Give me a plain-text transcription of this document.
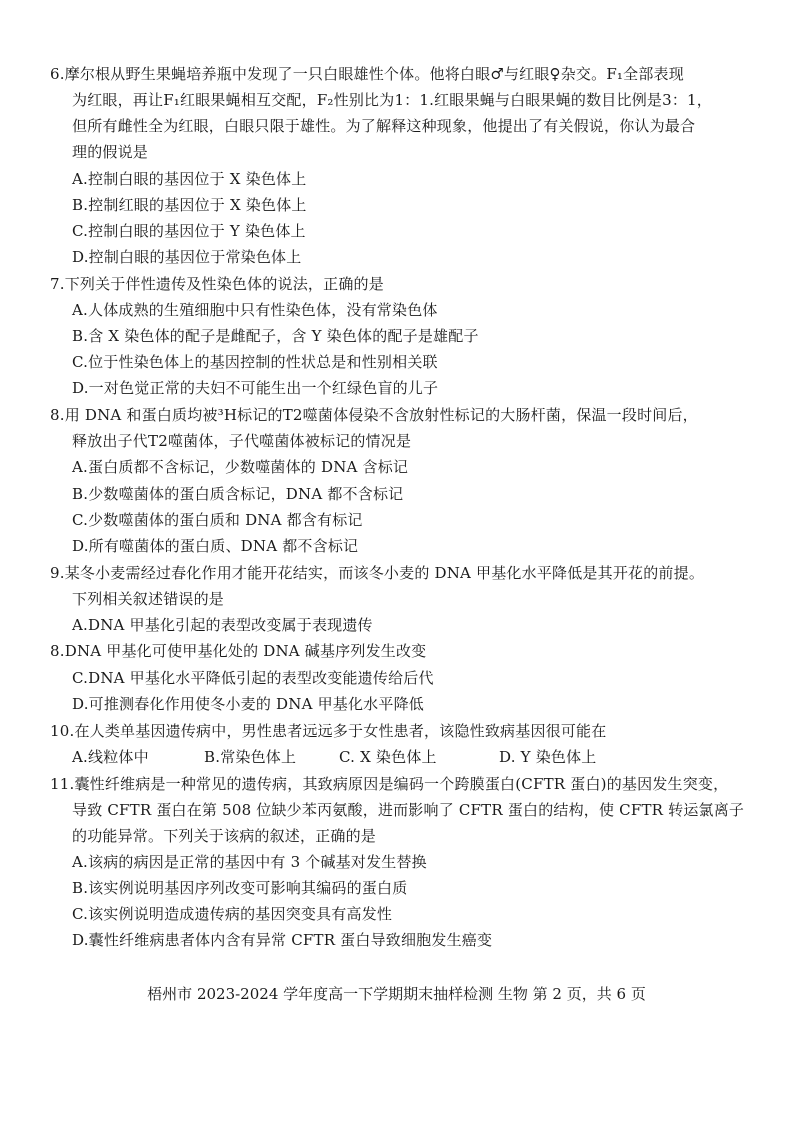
6.摩尔根从野生果蝇培养瓶中发现了一只白眼雄性个体。他将白眼♂与红眼♀杂交。F₁全部表现
为红眼，再让F₁红眼果蝇相互交配，F₂性别比为1：1.红眼果蝇与白眼果蝇的数目比例是3：1，
但所有雌性全为红眼，白眼只限于雄性。为了解释这种现象，他提出了有关假说，你认为最合
理的假说是
A.控制白眼的基因位于 X 染色体上
B.控制红眼的基因位于 X 染色体上
C.控制白眼的基因位于 Y 染色体上
D.控制白眼的基因位于常染色体上
7.下列关于伴性遗传及性染色体的说法，正确的是
A.人体成熟的生殖细胞中只有性染色体，没有常染色体
B.含 X 染色体的配子是雌配子，含 Y 染色体的配子是雄配子
C.位于性染色体上的基因控制的性状总是和性别相关联
D.一对色觉正常的夫妇不可能生出一个红绿色盲的儿子
8.用 DNA 和蛋白质均被³H标记的T2噬菌体侵染不含放射性标记的大肠杆菌，保温一段时间后，
释放出子代T2噬菌体，子代噬菌体被标记的情况是
A.蛋白质都不含标记，少数噬菌体的 DNA 含标记
B.少数噬菌体的蛋白质含标记，DNA 都不含标记
C.少数噬菌体的蛋白质和 DNA 都含有标记
D.所有噬菌体的蛋白质、DNA 都不含标记
9.某冬小麦需经过春化作用才能开花结实，而该冬小麦的 DNA 甲基化水平降低是其开花的前提。
下列相关叙述错误的是
A.DNA 甲基化引起的表型改变属于表现遗传
8.DNA 甲基化可使甲基化处的 DNA 碱基序列发生改变
C.DNA 甲基化水平降低引起的表型改变能遗传给后代
D.可推测春化作用使冬小麦的 DNA 甲基化水平降低
10.在人类单基因遗传病中，男性患者远远多于女性患者，该隐性致病基因很可能在
A.线粒体中	B.常染色体上	C. X 染色体上	D. Y 染色体上
11.囊性纤维病是一种常见的遗传病，其致病原因是编码一个跨膜蛋白(CFTR 蛋白)的基因发生突变，
导致 CFTR 蛋白在第 508 位缺少苯丙氨酸，进而影响了 CFTR 蛋白的结构，使 CFTR 转运氯离子
的功能异常。下列关于该病的叙述，正确的是
A.该病的病因是正常的基因中有 3 个碱基对发生替换
B.该实例说明基因序列改变可影响其编码的蛋白质
C.该实例说明造成遗传病的基因突变具有高发性
D.囊性纤维病患者体内含有异常 CFTR 蛋白导致细胞发生癌变
梧州市 2023-2024 学年度高一下学期期末抽样检测 生物 第 2 页，共 6 页
